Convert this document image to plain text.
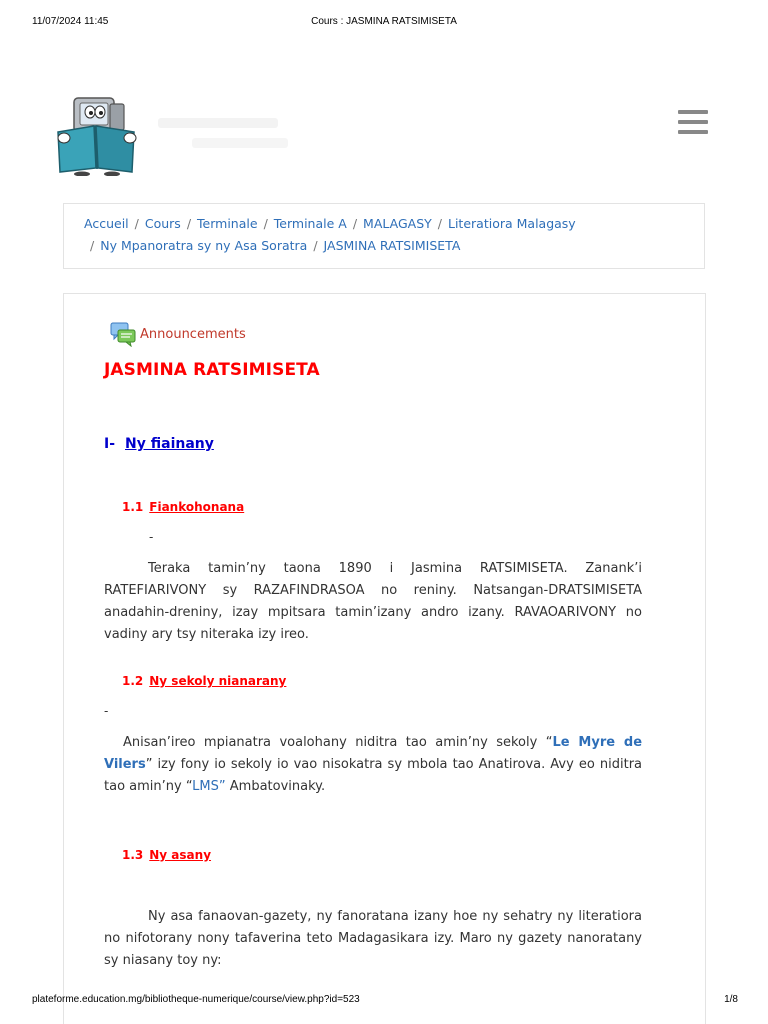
11/07/2024 11:45	Cours : JASMINA RATSIMISETA
Accueil / Cours / Terminale / Terminale A / MALAGASY / Literatiora Malagasy
/ Ny Mpanoratra sy ny Asa Soratra / JASMINA RATSIMISETA
Announcements
JASMINA RATSIMISETA
I- Ny fiainany
1.1 Fiankohonana
-

Teraka tamin’ny taona 1890 i Jasmina RATSIMISETA. Zanank’i RATEFIARIVONY sy RAZAFINDRASOA no reniny. Natsangan-DRATSIMISETA anadahin-dreniny, izay mpitsara tamin’izany andro izany. RAVAOARIVONY no vadiny ary tsy niteraka izy ireo.

1.2 Ny sekoly nianarany
-

Anisan’ireo mpianatra voalohany niditra tao amin’ny sekoly “Le Myre de Vilers” izy fony io sekoly io vao nisokatra sy mbola tao Anatirova. Avy eo niditra tao amin’ny “LMS” Ambatovinaky.

1.3 Ny asany

Ny asa fanaovan-gazety, ny fanoratana izany hoe ny sehatry ny literatiora no nifotorany nony tafaverina teto Madagasikara izy. Maro ny gazety nanoratany sy niasany toy ny:

plateforme.education.mg/bibliotheque-numerique/course/view.php?id=523	1/8
